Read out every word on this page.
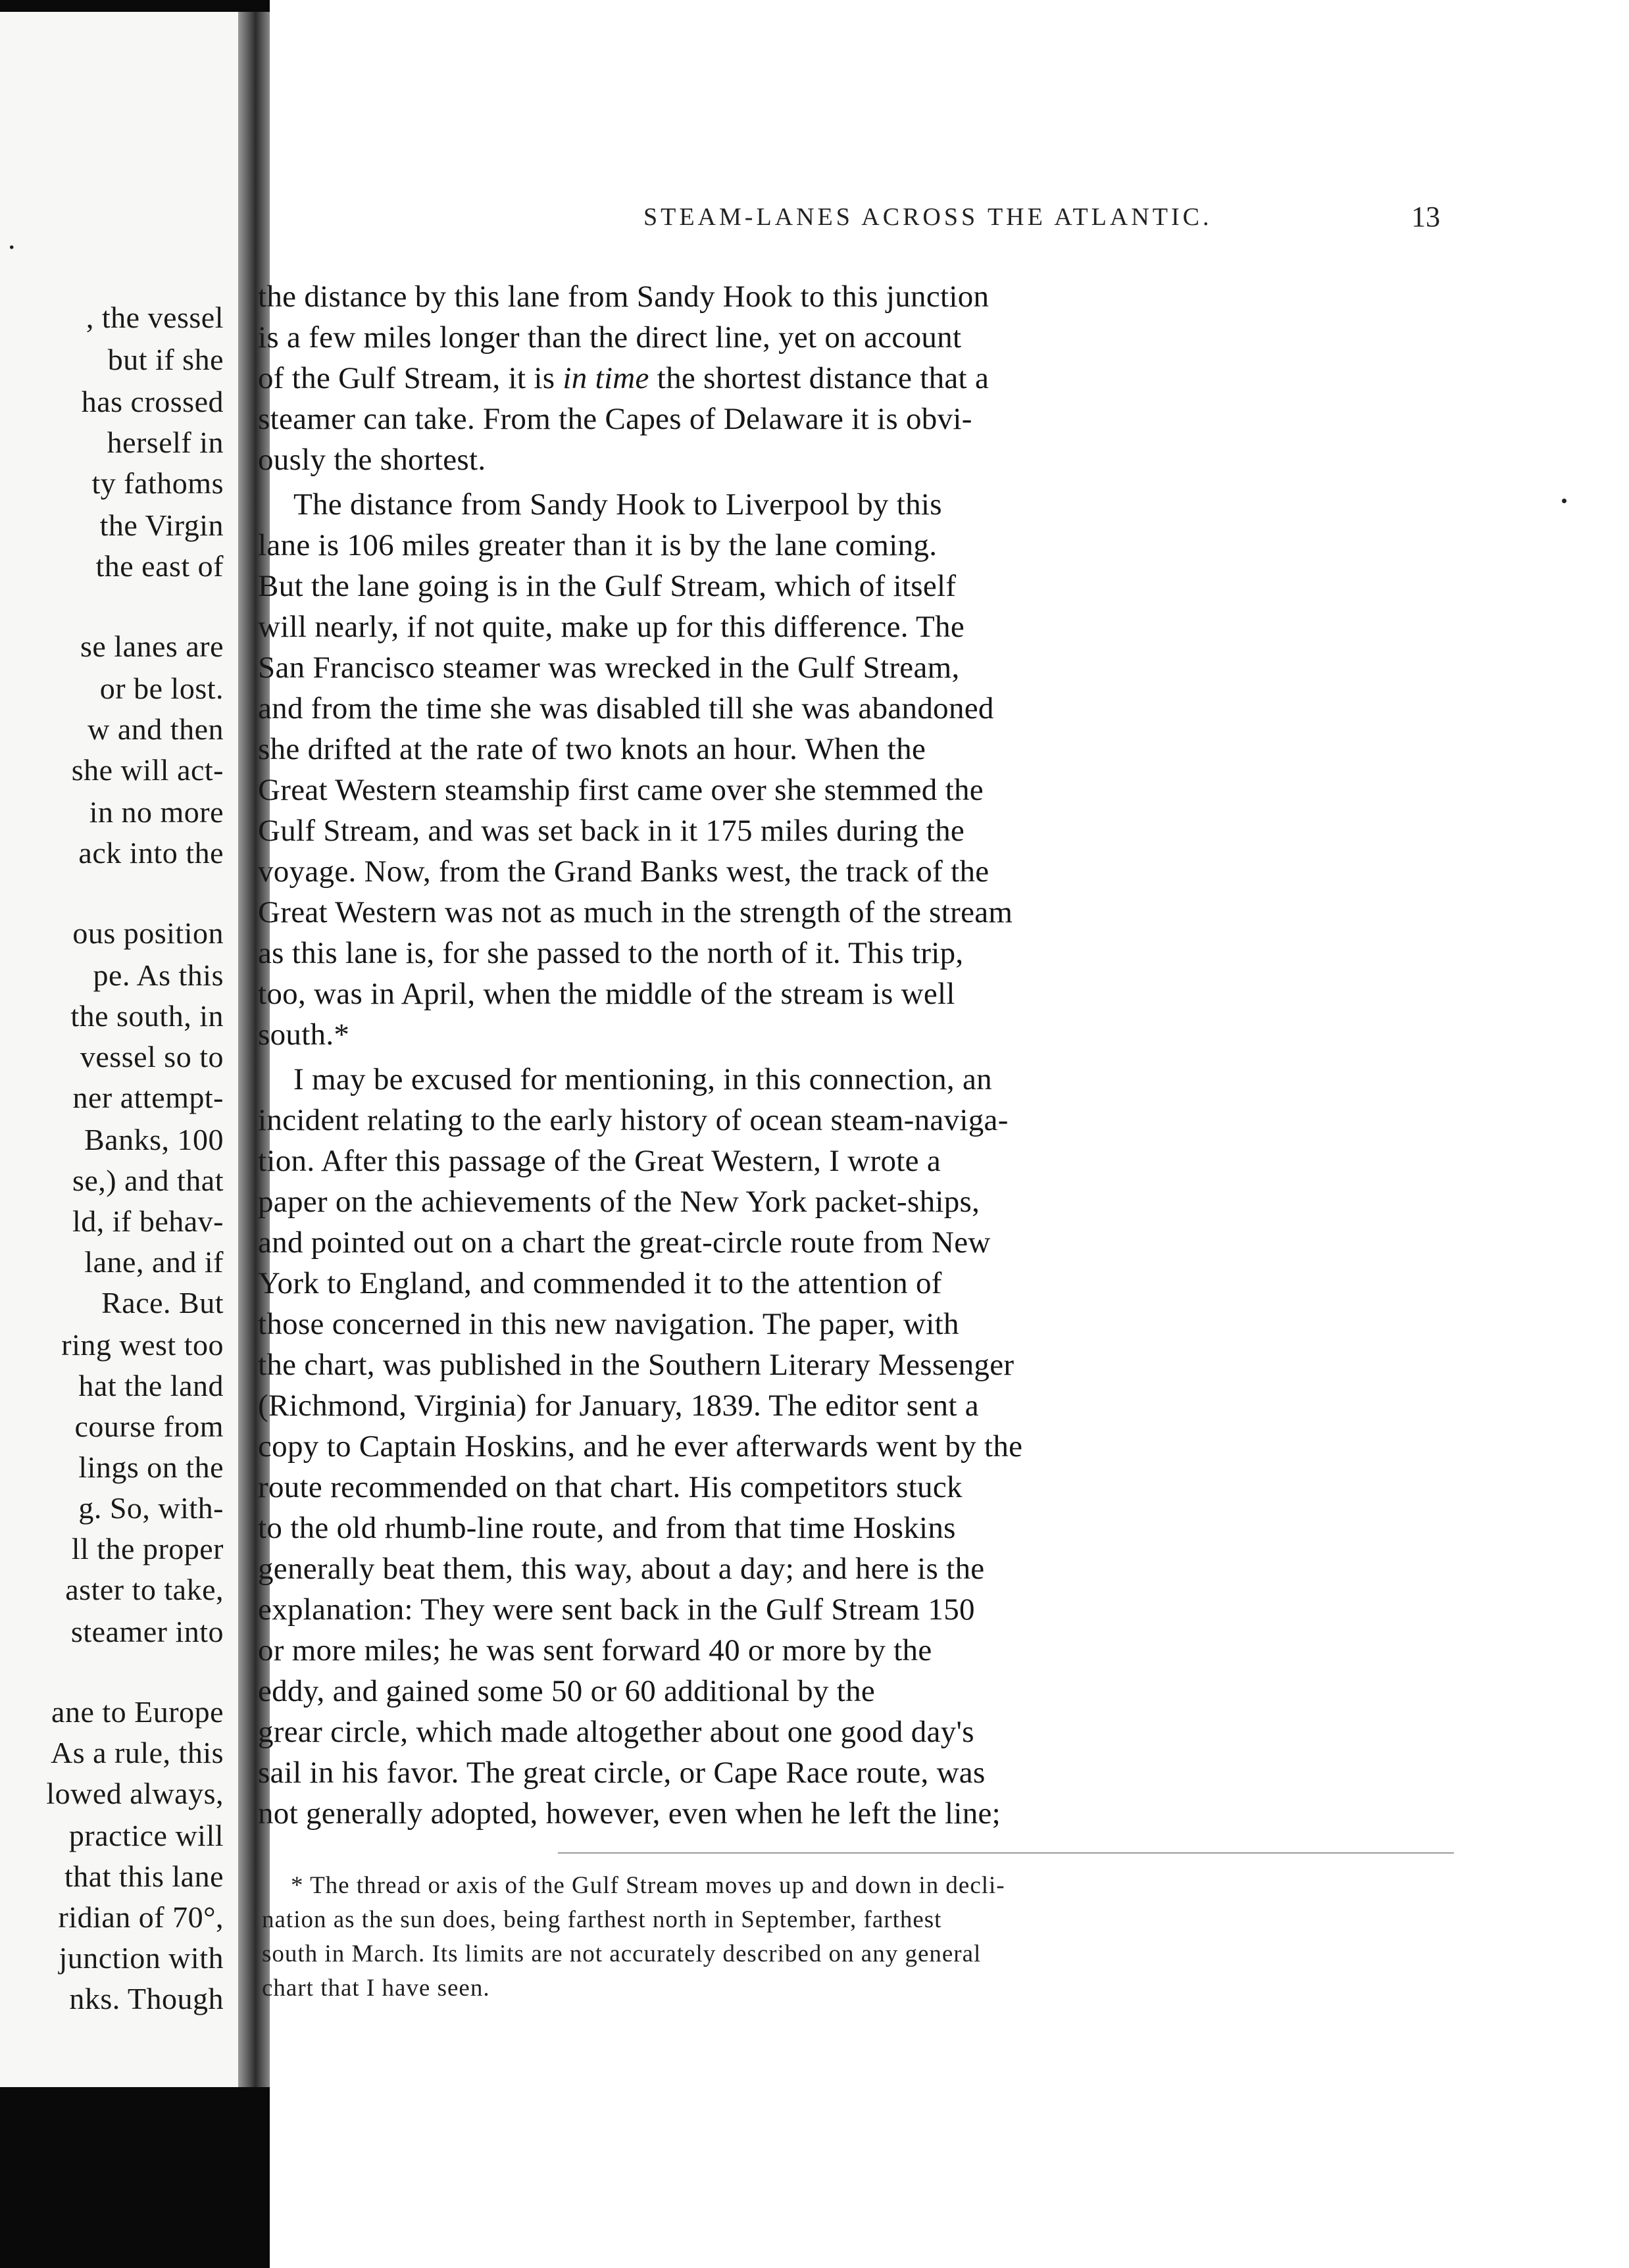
.
, the vessel
but if she
has crossed
herself in
ty fathoms
the Virgin
the east of
se lanes are
or be lost.
w and then
she will act-
in no more
ack into the
ous position
pe. As this
the south, in
vessel so to
ner attempt-
Banks, 100
se,) and that
ld, if behav-
lane, and if
Race. But
ring west too
hat the land
course from
lings on the
g. So, with-
ll the proper
aster to take,
steamer into
ane to Europe
As a rule, this
lowed always,
practice will
that this lane
ridian of 70°,
junction with
nks. Though
STEAM-LANES ACROSS THE ATLANTIC.	13
the distance by this lane from Sandy Hook to this junction
is a few miles longer than the direct line, yet on account
of the Gulf Stream, it is in time the shortest distance that a
steamer can take. From the Capes of Delaware it is obvi-
ously the shortest.
The distance from Sandy Hook to Liverpool by this
lane is 106 miles greater than it is by the lane coming.
But the lane going is in the Gulf Stream, which of itself
will nearly, if not quite, make up for this difference. The
San Francisco steamer was wrecked in the Gulf Stream,
and from the time she was disabled till she was abandoned
she drifted at the rate of two knots an hour. When the
Great Western steamship first came over she stemmed the
Gulf Stream, and was set back in it 175 miles during the
voyage. Now, from the Grand Banks west, the track of the
Great Western was not as much in the strength of the stream
as this lane is, for she passed to the north of it. This trip,
too, was in April, when the middle of the stream is well
south.*
I may be excused for mentioning, in this connection, an
incident relating to the early history of ocean steam-naviga-
tion. After this passage of the Great Western, I wrote a
paper on the achievements of the New York packet-ships,
and pointed out on a chart the great-circle route from New
York to England, and commended it to the attention of
those concerned in this new navigation. The paper, with
the chart, was published in the Southern Literary Messenger
(Richmond, Virginia) for January, 1839. The editor sent a
copy to Captain Hoskins, and he ever afterwards went by the
route recommended on that chart. His competitors stuck
to the old rhumb-line route, and from that time Hoskins
generally beat them, this way, about a day; and here is the
explanation: They were sent back in the Gulf Stream 150
or more miles; he was sent forward 40 or more by the
eddy, and gained some 50 or 60 additional by the
grear circle, which made altogether about one good day's
sail in his favor. The great circle, or Cape Race route, was
not generally adopted, however, even when he left the line;
* The thread or axis of the Gulf Stream moves up and down in decli-
nation as the sun does, being farthest north in September, farthest
south in March. Its limits are not accurately described on any general
chart that I have seen.
